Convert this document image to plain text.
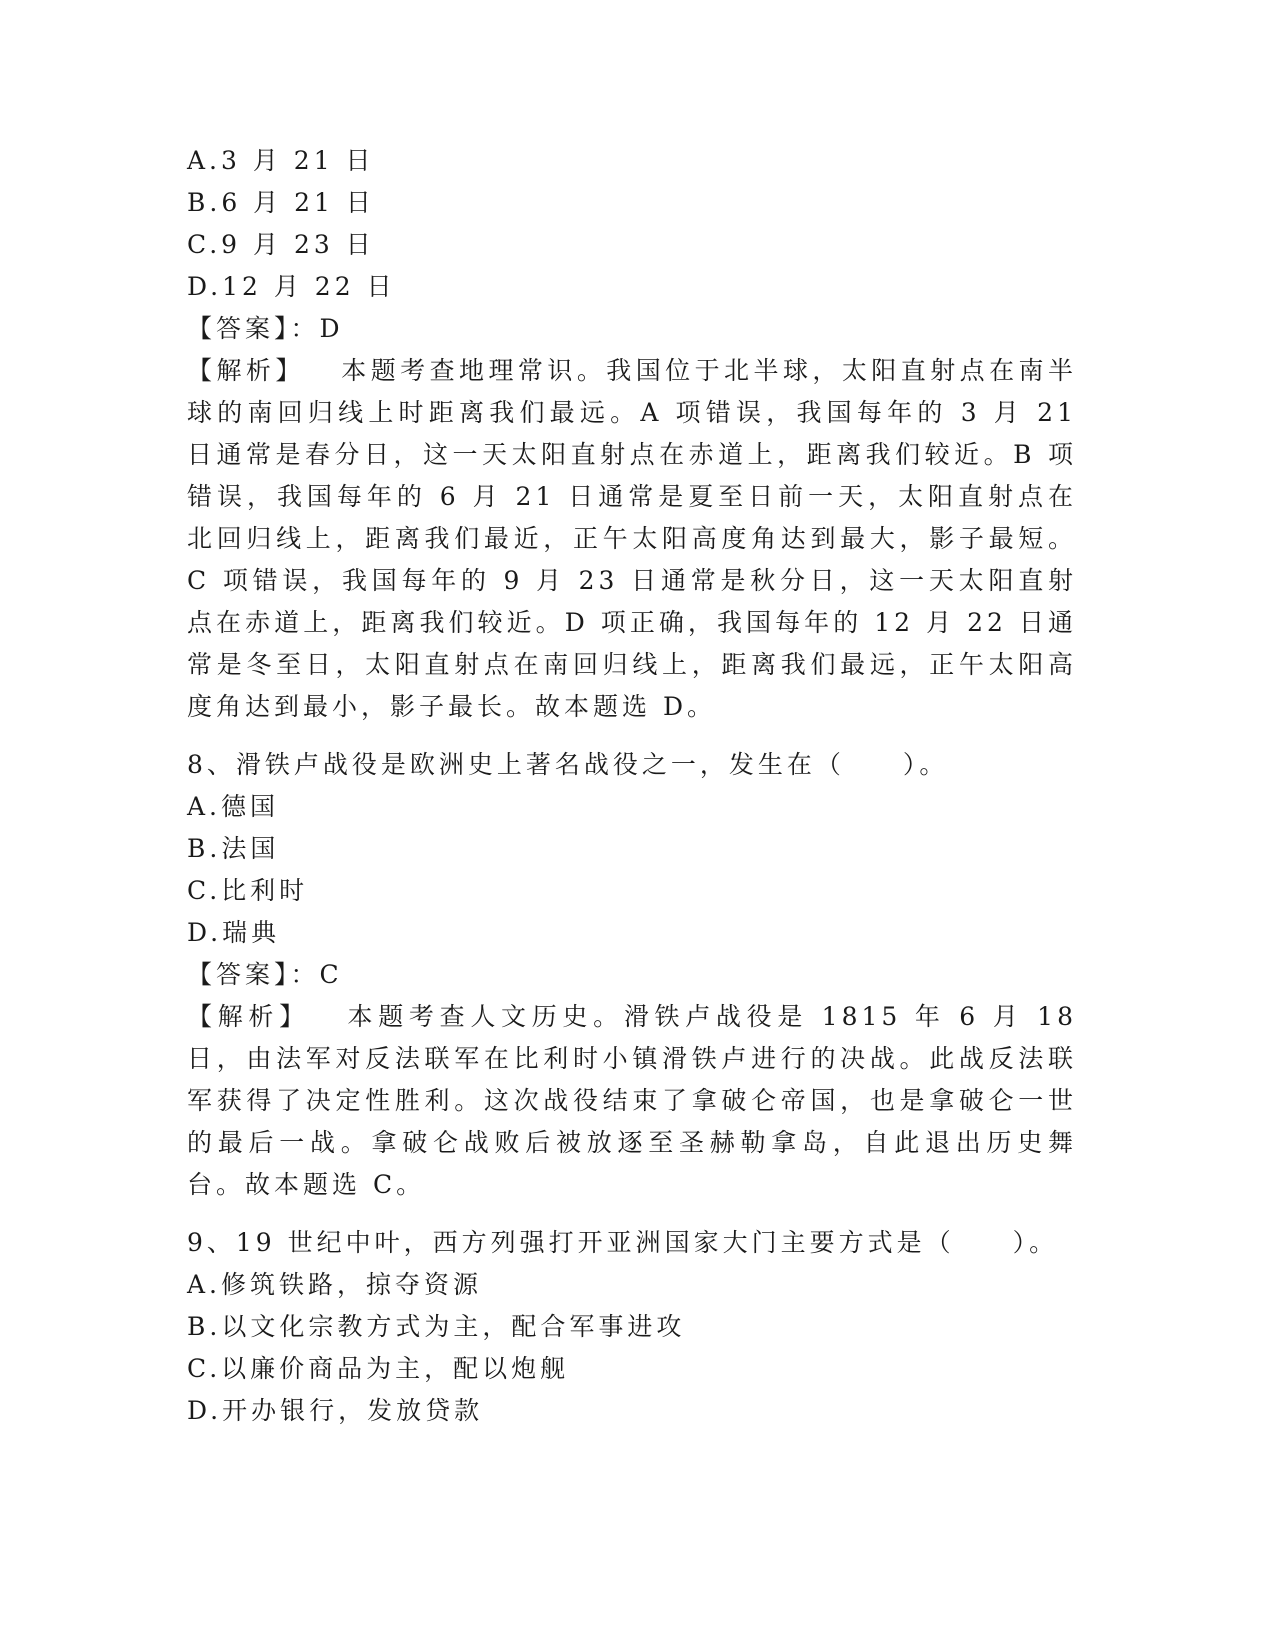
A.3 月 21 日
B.6 月 21 日
C.9 月 23 日
D.12 月 22 日
【答案】：D
【解析】 本题考查地理常识。我国位于北半球，太阳直射点在南半球的南回归线上时距离我们最远。A 项错误，我国每年的 3 月 21 日通常是春分日，这一天太阳直射点在赤道上，距离我们较近。B 项错误，我国每年的 6 月 21 日通常是夏至日前一天，太阳直射点在北回归线上，距离我们最近，正午太阳高度角达到最大，影子最短。C 项错误，我国每年的 9 月 23 日通常是秋分日，这一天太阳直射点在赤道上，距离我们较近。D 项正确，我国每年的 12 月 22 日通常是冬至日，太阳直射点在南回归线上，距离我们最远，正午太阳高度角达到最小，影子最长。故本题选 D。
8、滑铁卢战役是欧洲史上著名战役之一，发生在（　　）。
A.德国
B.法国
C.比利时
D.瑞典
【答案】：C
【解析】 本题考查人文历史。滑铁卢战役是 1815 年 6 月 18 日，由法军对反法联军在比利时小镇滑铁卢进行的决战。此战反法联军获得了决定性胜利。这次战役结束了拿破仑帝国，也是拿破仑一世的最后一战。拿破仑战败后被放逐至圣赫勒拿岛，自此退出历史舞台。故本题选 C。
9、19 世纪中叶，西方列强打开亚洲国家大门主要方式是（　　）。
A.修筑铁路，掠夺资源
B.以文化宗教方式为主，配合军事进攻
C.以廉价商品为主，配以炮舰
D.开办银行，发放贷款
